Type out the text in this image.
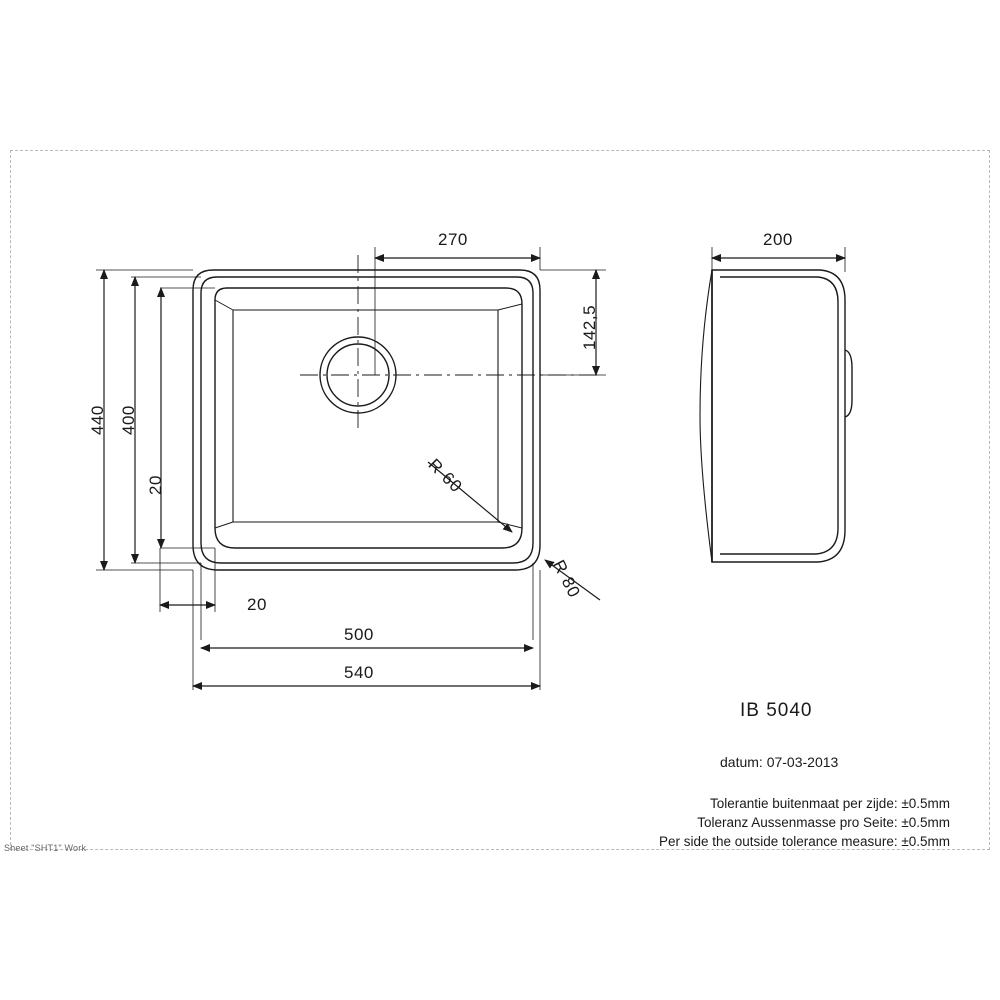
270
142,5
440 400
20
20
500
540
R 60
R 80
200
IB 5040
datum: 07-03-2013
Tolerantie buitenmaat per zijde: ±0.5mm
Toleranz Aussenmasse pro Seite: ±0.5mm
Per side the outside tolerance measure: ±0.5mm
Sheet "SHT1" Work
